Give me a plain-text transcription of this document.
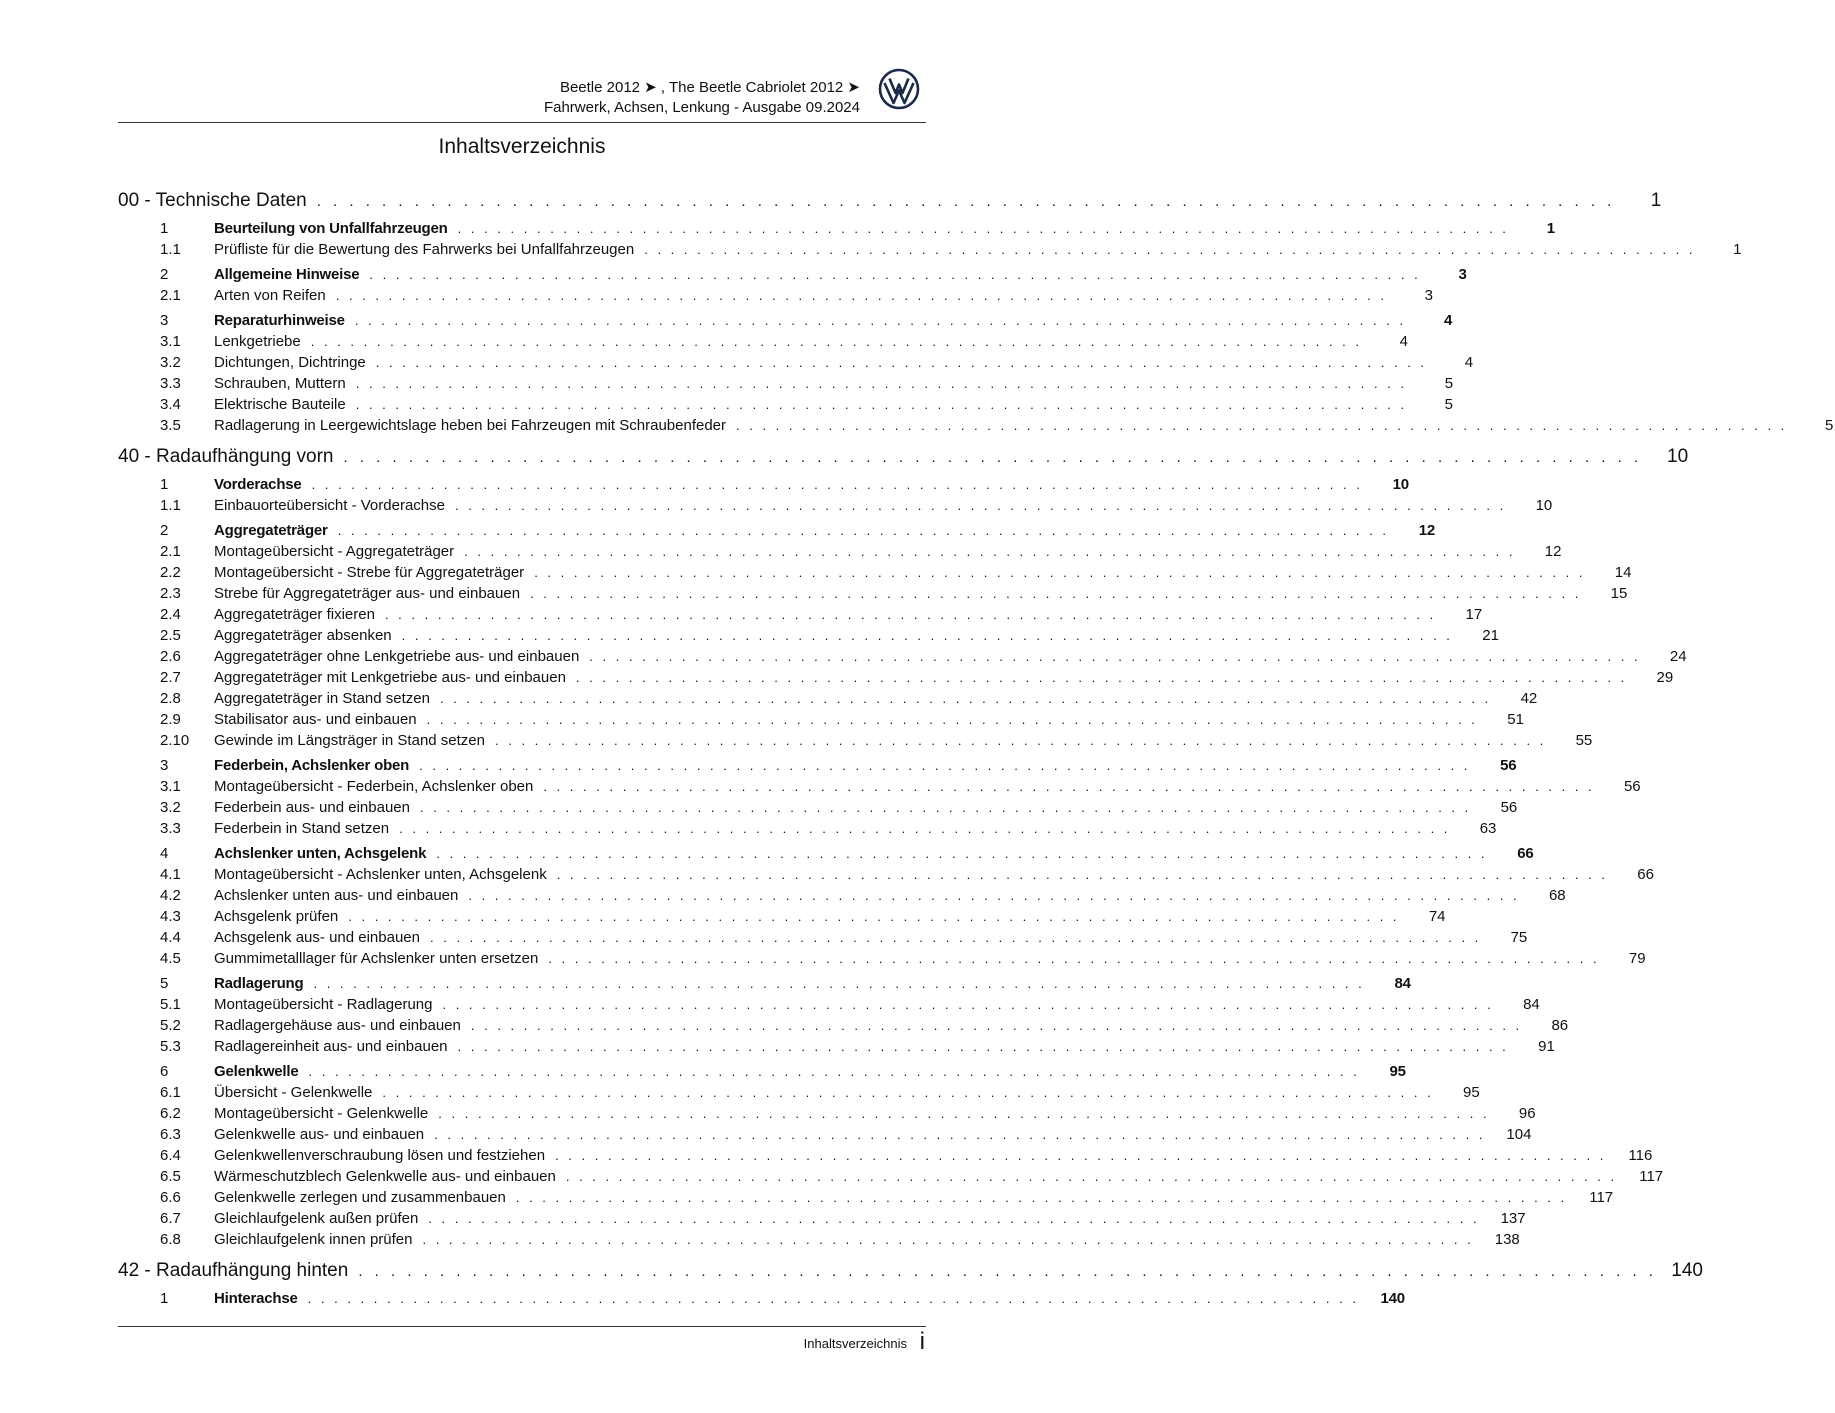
Beetle 2012 ➤ , The Beetle Cabriolet 2012 ➤
Fahrwerk, Achsen, Lenkung - Ausgabe 09.2024
Inhaltsverzeichnis
00 - Technische Daten . . . . . . . . . . . . . . . . . . . . . . . . . . . . . . . . . . . . . . . . . . . . . . . . . . . . . . . . . . . . . . . . . . . . . . . . . . . . . . . .	1
1	Beurteilung von Unfallfahrzeugen . . . . . . . . . . . . . . . . . . . . . . . . . . . . . . . . . . . . . . . . . . . . . . . . . . . . . . . . . . . . . . . . . . . . . . . . . . . . . . . .	1
1.1	Prüfliste für die Bewertung des Fahrwerks bei Unfallfahrzeugen . . . . . . . . . . . . . . . . . . . . . . . . . . . . . . . . . . . . . . . . . . . . . . . . . . . . . . . . . . . . . . . . . . . . . . . . . . . . . . . .	1
2	Allgemeine Hinweise . . . . . . . . . . . . . . . . . . . . . . . . . . . . . . . . . . . . . . . . . . . . . . . . . . . . . . . . . . . . . . . . . . . . . . . . . . . . . . . .	3
2.1	Arten von Reifen . . . . . . . . . . . . . . . . . . . . . . . . . . . . . . . . . . . . . . . . . . . . . . . . . . . . . . . . . . . . . . . . . . . . . . . . . . . . . . . .	3
3	Reparaturhinweise . . . . . . . . . . . . . . . . . . . . . . . . . . . . . . . . . . . . . . . . . . . . . . . . . . . . . . . . . . . . . . . . . . . . . . . . . . . . . . . .	4
3.1	Lenkgetriebe . . . . . . . . . . . . . . . . . . . . . . . . . . . . . . . . . . . . . . . . . . . . . . . . . . . . . . . . . . . . . . . . . . . . . . . . . . . . . . . .	4
3.2	Dichtungen, Dichtringe . . . . . . . . . . . . . . . . . . . . . . . . . . . . . . . . . . . . . . . . . . . . . . . . . . . . . . . . . . . . . . . . . . . . . . . . . . . . . . . .	4
3.3	Schrauben, Muttern . . . . . . . . . . . . . . . . . . . . . . . . . . . . . . . . . . . . . . . . . . . . . . . . . . . . . . . . . . . . . . . . . . . . . . . . . . . . . . . .	5
3.4	Elektrische Bauteile . . . . . . . . . . . . . . . . . . . . . . . . . . . . . . . . . . . . . . . . . . . . . . . . . . . . . . . . . . . . . . . . . . . . . . . . . . . . . . . .	5
3.5	Radlagerung in Leergewichtslage heben bei Fahrzeugen mit Schraubenfeder . . . . . . . . . . . . . . . . . . . . . . . . . . . . . . . . . . . . . . . . . . . . . . . . . . . . . . . . . . . . . . . . . . . . . . . . . . . . . . . .	5
40 - Radaufhängung vorn . . . . . . . . . . . . . . . . . . . . . . . . . . . . . . . . . . . . . . . . . . . . . . . . . . . . . . . . . . . . . . . . . . . . . . . . . . . . . . . .	10
1	Vorderachse . . . . . . . . . . . . . . . . . . . . . . . . . . . . . . . . . . . . . . . . . . . . . . . . . . . . . . . . . . . . . . . . . . . . . . . . . . . . . . . .	10
1.1	Einbauorteübersicht - Vorderachse . . . . . . . . . . . . . . . . . . . . . . . . . . . . . . . . . . . . . . . . . . . . . . . . . . . . . . . . . . . . . . . . . . . . . . . . . . . . . . . .	10
2	Aggregateträger . . . . . . . . . . . . . . . . . . . . . . . . . . . . . . . . . . . . . . . . . . . . . . . . . . . . . . . . . . . . . . . . . . . . . . . . . . . . . . . .	12
2.1	Montageübersicht - Aggregateträger . . . . . . . . . . . . . . . . . . . . . . . . . . . . . . . . . . . . . . . . . . . . . . . . . . . . . . . . . . . . . . . . . . . . . . . . . . . . . . . .	12
2.2	Montageübersicht - Strebe für Aggregateträger . . . . . . . . . . . . . . . . . . . . . . . . . . . . . . . . . . . . . . . . . . . . . . . . . . . . . . . . . . . . . . . . . . . . . . . . . . . . . . . .	14
2.3	Strebe für Aggregateträger aus- und einbauen . . . . . . . . . . . . . . . . . . . . . . . . . . . . . . . . . . . . . . . . . . . . . . . . . . . . . . . . . . . . . . . . . . . . . . . . . . . . . . . .	15
2.4	Aggregateträger fixieren . . . . . . . . . . . . . . . . . . . . . . . . . . . . . . . . . . . . . . . . . . . . . . . . . . . . . . . . . . . . . . . . . . . . . . . . . . . . . . . .	17
2.5	Aggregateträger absenken . . . . . . . . . . . . . . . . . . . . . . . . . . . . . . . . . . . . . . . . . . . . . . . . . . . . . . . . . . . . . . . . . . . . . . . . . . . . . . . .	21
2.6	Aggregateträger ohne Lenkgetriebe aus- und einbauen . . . . . . . . . . . . . . . . . . . . . . . . . . . . . . . . . . . . . . . . . . . . . . . . . . . . . . . . . . . . . . . . . . . . . . . . . . . . . . . .	24
2.7	Aggregateträger mit Lenkgetriebe aus- und einbauen . . . . . . . . . . . . . . . . . . . . . . . . . . . . . . . . . . . . . . . . . . . . . . . . . . . . . . . . . . . . . . . . . . . . . . . . . . . . . . . .	29
2.8	Aggregateträger in Stand setzen . . . . . . . . . . . . . . . . . . . . . . . . . . . . . . . . . . . . . . . . . . . . . . . . . . . . . . . . . . . . . . . . . . . . . . . . . . . . . . . .	42
2.9	Stabilisator aus- und einbauen . . . . . . . . . . . . . . . . . . . . . . . . . . . . . . . . . . . . . . . . . . . . . . . . . . . . . . . . . . . . . . . . . . . . . . . . . . . . . . . .	51
2.10	Gewinde im Längsträger in Stand setzen . . . . . . . . . . . . . . . . . . . . . . . . . . . . . . . . . . . . . . . . . . . . . . . . . . . . . . . . . . . . . . . . . . . . . . . . . . . . . . . .	55
3	Federbein, Achslenker oben . . . . . . . . . . . . . . . . . . . . . . . . . . . . . . . . . . . . . . . . . . . . . . . . . . . . . . . . . . . . . . . . . . . . . . . . . . . . . . . .	56
3.1	Montageübersicht - Federbein, Achslenker oben . . . . . . . . . . . . . . . . . . . . . . . . . . . . . . . . . . . . . . . . . . . . . . . . . . . . . . . . . . . . . . . . . . . . . . . . . . . . . . . .	56
3.2	Federbein aus- und einbauen . . . . . . . . . . . . . . . . . . . . . . . . . . . . . . . . . . . . . . . . . . . . . . . . . . . . . . . . . . . . . . . . . . . . . . . . . . . . . . . .	56
3.3	Federbein in Stand setzen . . . . . . . . . . . . . . . . . . . . . . . . . . . . . . . . . . . . . . . . . . . . . . . . . . . . . . . . . . . . . . . . . . . . . . . . . . . . . . . .	63
4	Achslenker unten, Achsgelenk . . . . . . . . . . . . . . . . . . . . . . . . . . . . . . . . . . . . . . . . . . . . . . . . . . . . . . . . . . . . . . . . . . . . . . . . . . . . . . . .	66
4.1	Montageübersicht - Achslenker unten, Achsgelenk . . . . . . . . . . . . . . . . . . . . . . . . . . . . . . . . . . . . . . . . . . . . . . . . . . . . . . . . . . . . . . . . . . . . . . . . . . . . . . . .	66
4.2	Achslenker unten aus- und einbauen . . . . . . . . . . . . . . . . . . . . . . . . . . . . . . . . . . . . . . . . . . . . . . . . . . . . . . . . . . . . . . . . . . . . . . . . . . . . . . . .	68
4.3	Achsgelenk prüfen . . . . . . . . . . . . . . . . . . . . . . . . . . . . . . . . . . . . . . . . . . . . . . . . . . . . . . . . . . . . . . . . . . . . . . . . . . . . . . . .	74
4.4	Achsgelenk aus- und einbauen . . . . . . . . . . . . . . . . . . . . . . . . . . . . . . . . . . . . . . . . . . . . . . . . . . . . . . . . . . . . . . . . . . . . . . . . . . . . . . . .	75
4.5	Gummimetalllager für Achslenker unten ersetzen . . . . . . . . . . . . . . . . . . . . . . . . . . . . . . . . . . . . . . . . . . . . . . . . . . . . . . . . . . . . . . . . . . . . . . . . . . . . . . . .	79
5	Radlagerung . . . . . . . . . . . . . . . . . . . . . . . . . . . . . . . . . . . . . . . . . . . . . . . . . . . . . . . . . . . . . . . . . . . . . . . . . . . . . . . .	84
5.1	Montageübersicht - Radlagerung . . . . . . . . . . . . . . . . . . . . . . . . . . . . . . . . . . . . . . . . . . . . . . . . . . . . . . . . . . . . . . . . . . . . . . . . . . . . . . . .	84
5.2	Radlagergehäuse aus- und einbauen . . . . . . . . . . . . . . . . . . . . . . . . . . . . . . . . . . . . . . . . . . . . . . . . . . . . . . . . . . . . . . . . . . . . . . . . . . . . . . . .	86
5.3	Radlagereinheit aus- und einbauen . . . . . . . . . . . . . . . . . . . . . . . . . . . . . . . . . . . . . . . . . . . . . . . . . . . . . . . . . . . . . . . . . . . . . . . . . . . . . . . .	91
6	Gelenkwelle . . . . . . . . . . . . . . . . . . . . . . . . . . . . . . . . . . . . . . . . . . . . . . . . . . . . . . . . . . . . . . . . . . . . . . . . . . . . . . . .	95
6.1	Übersicht - Gelenkwelle . . . . . . . . . . . . . . . . . . . . . . . . . . . . . . . . . . . . . . . . . . . . . . . . . . . . . . . . . . . . . . . . . . . . . . . . . . . . . . . .	95
6.2	Montageübersicht - Gelenkwelle . . . . . . . . . . . . . . . . . . . . . . . . . . . . . . . . . . . . . . . . . . . . . . . . . . . . . . . . . . . . . . . . . . . . . . . . . . . . . . . .	96
6.3	Gelenkwelle aus- und einbauen . . . . . . . . . . . . . . . . . . . . . . . . . . . . . . . . . . . . . . . . . . . . . . . . . . . . . . . . . . . . . . . . . . . . . . . . . . . . . . . .	104
6.4	Gelenkwellenverschraubung lösen und festziehen . . . . . . . . . . . . . . . . . . . . . . . . . . . . . . . . . . . . . . . . . . . . . . . . . . . . . . . . . . . . . . . . . . . . . . . . . . . . . . . .	116
6.5	Wärmeschutzblech Gelenkwelle aus- und einbauen . . . . . . . . . . . . . . . . . . . . . . . . . . . . . . . . . . . . . . . . . . . . . . . . . . . . . . . . . . . . . . . . . . . . . . . . . . . . . . . .	117
6.6	Gelenkwelle zerlegen und zusammenbauen . . . . . . . . . . . . . . . . . . . . . . . . . . . . . . . . . . . . . . . . . . . . . . . . . . . . . . . . . . . . . . . . . . . . . . . . . . . . . . . .	117
6.7	Gleichlaufgelenk außen prüfen . . . . . . . . . . . . . . . . . . . . . . . . . . . . . . . . . . . . . . . . . . . . . . . . . . . . . . . . . . . . . . . . . . . . . . . . . . . . . . . .	137
6.8	Gleichlaufgelenk innen prüfen . . . . . . . . . . . . . . . . . . . . . . . . . . . . . . . . . . . . . . . . . . . . . . . . . . . . . . . . . . . . . . . . . . . . . . . . . . . . . . . .	138
42 - Radaufhängung hinten . . . . . . . . . . . . . . . . . . . . . . . . . . . . . . . . . . . . . . . . . . . . . . . . . . . . . . . . . . . . . . . . . . . . . . . . . . . . . . . . 140
1	Hinterachse . . . . . . . . . . . . . . . . . . . . . . . . . . . . . . . . . . . . . . . . . . . . . . . . . . . . . . . . . . . . . . . . . . . . . . . . . . . . . . . .	140
Inhaltsverzeichnis i
